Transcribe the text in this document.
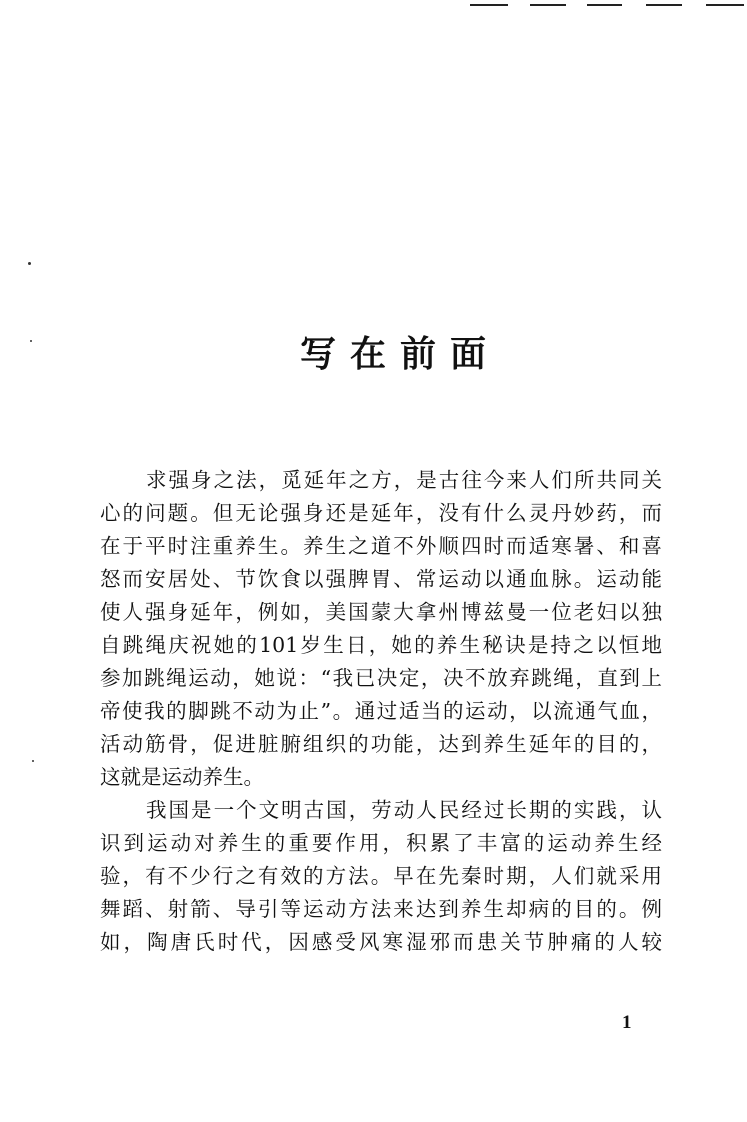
写在前面
求强身之法，觅延年之方，是古往今来人们所共同关
心的问题。但无论强身还是延年，没有什么灵丹妙药，而
在于平时注重养生。养生之道不外顺四时而适寒暑、和喜
怒而安居处、节饮食以强脾胃、常运动以通血脉。运动能
使人强身延年，例如，美国蒙大拿州博兹曼一位老妇以独
自跳绳庆祝她的101岁生日，她的养生秘诀是持之以恒地
参加跳绳运动，她说：“我已决定，决不放弃跳绳，直到上
帝使我的脚跳不动为止”。通过适当的运动，以流通气血，
活动筋骨，促进脏腑组织的功能，达到养生延年的目的，
这就是运动养生。
我国是一个文明古国，劳动人民经过长期的实践，认
识到运动对养生的重要作用，积累了丰富的运动养生经
验，有不少行之有效的方法。早在先秦时期，人们就采用
舞蹈、射箭、导引等运动方法来达到养生却病的目的。例
如，陶唐氏时代，因感受风寒湿邪而患关节肿痛的人较
1
